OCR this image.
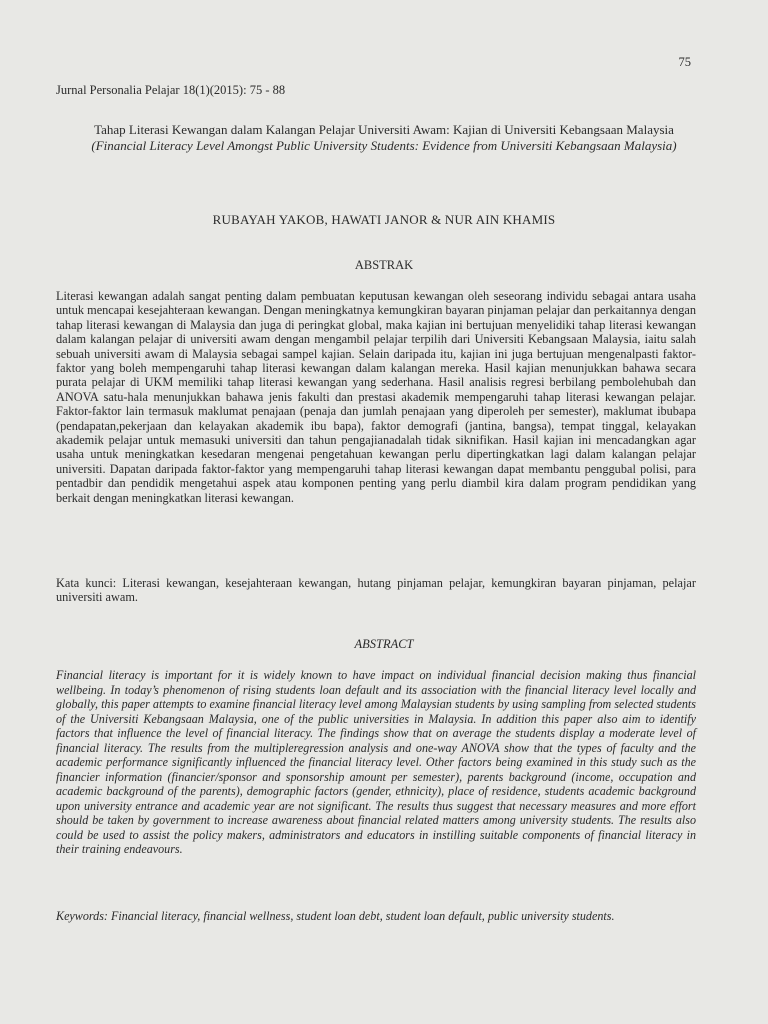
75
Jurnal Personalia Pelajar 18(1)(2015): 75 - 88
Tahap Literasi Kewangan dalam Kalangan Pelajar Universiti Awam: Kajian di Universiti Kebangsaan Malaysia
(Financial Literacy Level Amongst Public University Students: Evidence from Universiti Kebangsaan Malaysia)
RUBAYAH YAKOB, HAWATI JANOR & NUR AIN KHAMIS
ABSTRAK
Literasi kewangan adalah sangat penting dalam pembuatan keputusan kewangan oleh seseorang individu sebagai antara usaha untuk mencapai kesejahteraan kewangan. Dengan meningkatnya kemungkiran bayaran pinjaman pelajar dan perkaitannya dengan tahap literasi kewangan di Malaysia dan juga di peringkat global, maka kajian ini bertujuan menyelidiki tahap literasi kewangan dalam kalangan pelajar di universiti awam dengan mengambil pelajar terpilih dari Universiti Kebangsaan Malaysia, iaitu salah sebuah universiti awam di Malaysia sebagai sampel kajian. Selain daripada itu, kajian ini juga bertujuan mengenalpasti faktor-faktor yang boleh mempengaruhi tahap literasi kewangan dalam kalangan mereka. Hasil kajian menunjukkan bahawa secara purata pelajar di UKM memiliki tahap literasi kewangan yang sederhana. Hasil analisis regresi berbilang pembolehubah dan ANOVA satu-hala menunjukkan bahawa jenis fakulti dan prestasi akademik mempengaruhi tahap literasi kewangan pelajar. Faktor-faktor lain termasuk maklumat penajaan (penaja dan jumlah penajaan yang diperoleh per semester), maklumat ibubapa (pendapatan,pekerjaan dan kelayakan akademik ibu bapa), faktor demografi (jantina, bangsa), tempat tinggal, kelayakan akademik pelajar untuk memasuki universiti dan tahun pengajianadalah tidak siknifikan. Hasil kajian ini mencadangkan agar usaha untuk meningkatkan kesedaran mengenai pengetahuan kewangan perlu dipertingkatkan lagi dalam kalangan pelajar universiti. Dapatan daripada faktor-faktor yang mempengaruhi tahap literasi kewangan dapat membantu penggubal polisi, para pentadbir dan pendidik mengetahui aspek atau komponen penting yang perlu diambil kira dalam program pendidikan yang berkait dengan meningkatkan literasi kewangan.
Kata kunci: Literasi kewangan, kesejahteraan kewangan, hutang pinjaman pelajar, kemungkiran bayaran pinjaman, pelajar universiti awam.
ABSTRACT
Financial literacy is important for it is widely known to have impact on individual financial decision making thus financial wellbeing. In today’s phenomenon of rising students loan default and its association with the financial literacy level locally and globally, this paper attempts to examine financial literacy level among Malaysian students by using sampling from selected students of the Universiti Kebangsaan Malaysia, one of the public universities in Malaysia. In addition this paper also aim to identify factors that influence the level of financial literacy. The findings show that on average the students display a moderate level of financial literacy. The results from the multipleregression analysis and one-way ANOVA show that the types of faculty and the academic performance significantly influenced the financial literacy level. Other factors being examined in this study such as the financier information (financier/sponsor and sponsorship amount per semester), parents background (income, occupation and academic background of the parents), demographic factors (gender, ethnicity), place of residence, students academic background upon university entrance and academic year are not significant. The results thus suggest that necessary measures and more effort should be taken by government to increase awareness about financial related matters among university students. The results also could be used to assist the policy makers, administrators and educators in instilling suitable components of financial literacy in their training endeavours.
Keywords: Financial literacy, financial wellness, student loan debt, student loan default, public university students.
